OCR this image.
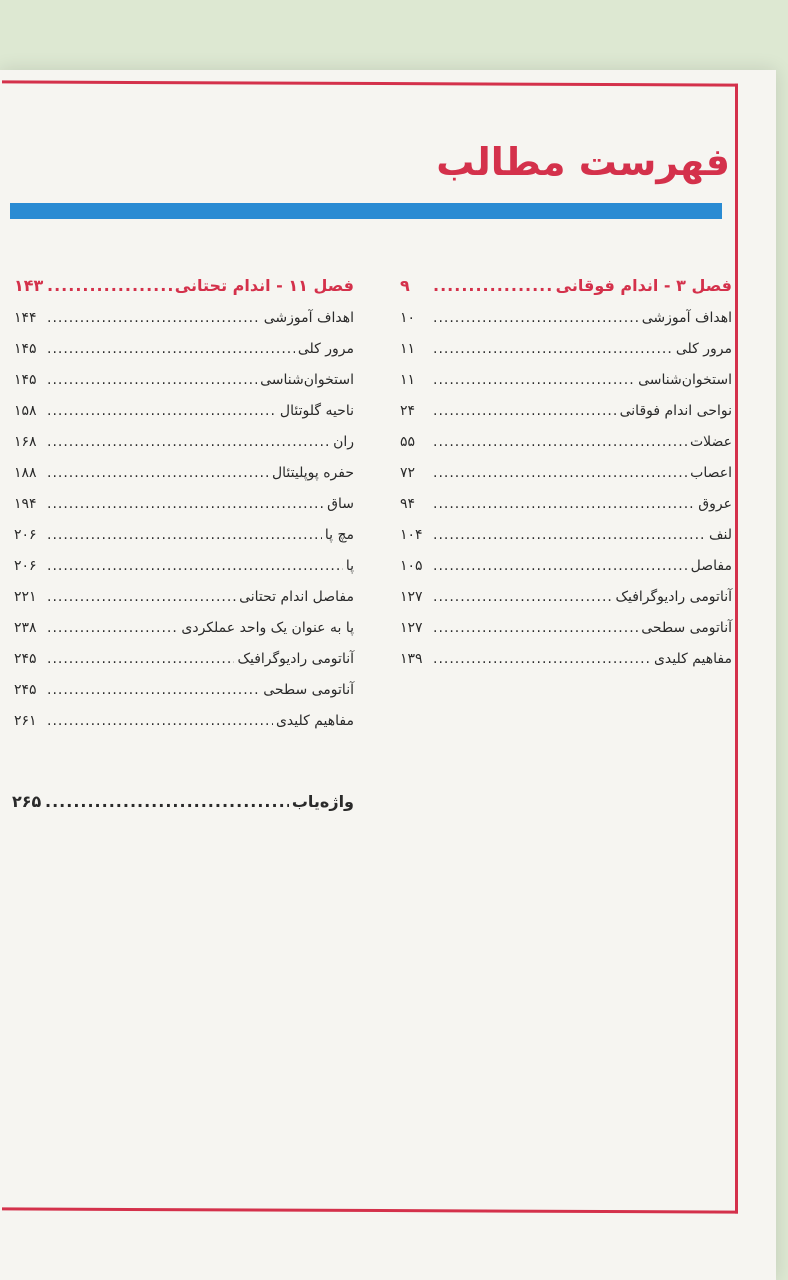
فهرست مطالب
فصل ۳ - اندام فوقانی
.....
۹
اهداف آموزشی
.....
۱۰
مرور کلی
.....
۱۱
استخوان‌شناسی
.....
۱۱
نواحی اندام فوقانی
.....
۲۴
عضلات
.....
۵۵
اعصاب
.....
۷۲
عروق
.....
۹۴
لنف
.....
۱۰۴
مفاصل
.....
۱۰۵
آناتومی رادیوگرافیک
.....
۱۲۷
آناتومی سطحی
.....
۱۲۷
مفاهیم کلیدی
.....
۱۳۹
فصل ۱۱ - اندام تحتانی
.....
۱۴۳
اهداف آموزشی
.....
۱۴۴
مرور کلی
.....
۱۴۵
استخوان‌شناسی
.....
۱۴۵
ناحیه گلوتئال
.....
۱۵۸
ران
.....
۱۶۸
حفره پوپلیتئال
.....
۱۸۸
ساق
.....
۱۹۴
مچ پا
.....
۲۰۶
پا
.....
۲۰۶
مفاصل اندام تحتانی
.....
۲۲۱
پا به عنوان یک واحد عملکردی
.....
۲۳۸
آناتومی رادیوگرافیک
.....
۲۴۵
آناتومی سطحی
.....
۲۴۵
مفاهیم کلیدی
.....
۲۶۱
واژه‌یاب
.....
۲۶۵
